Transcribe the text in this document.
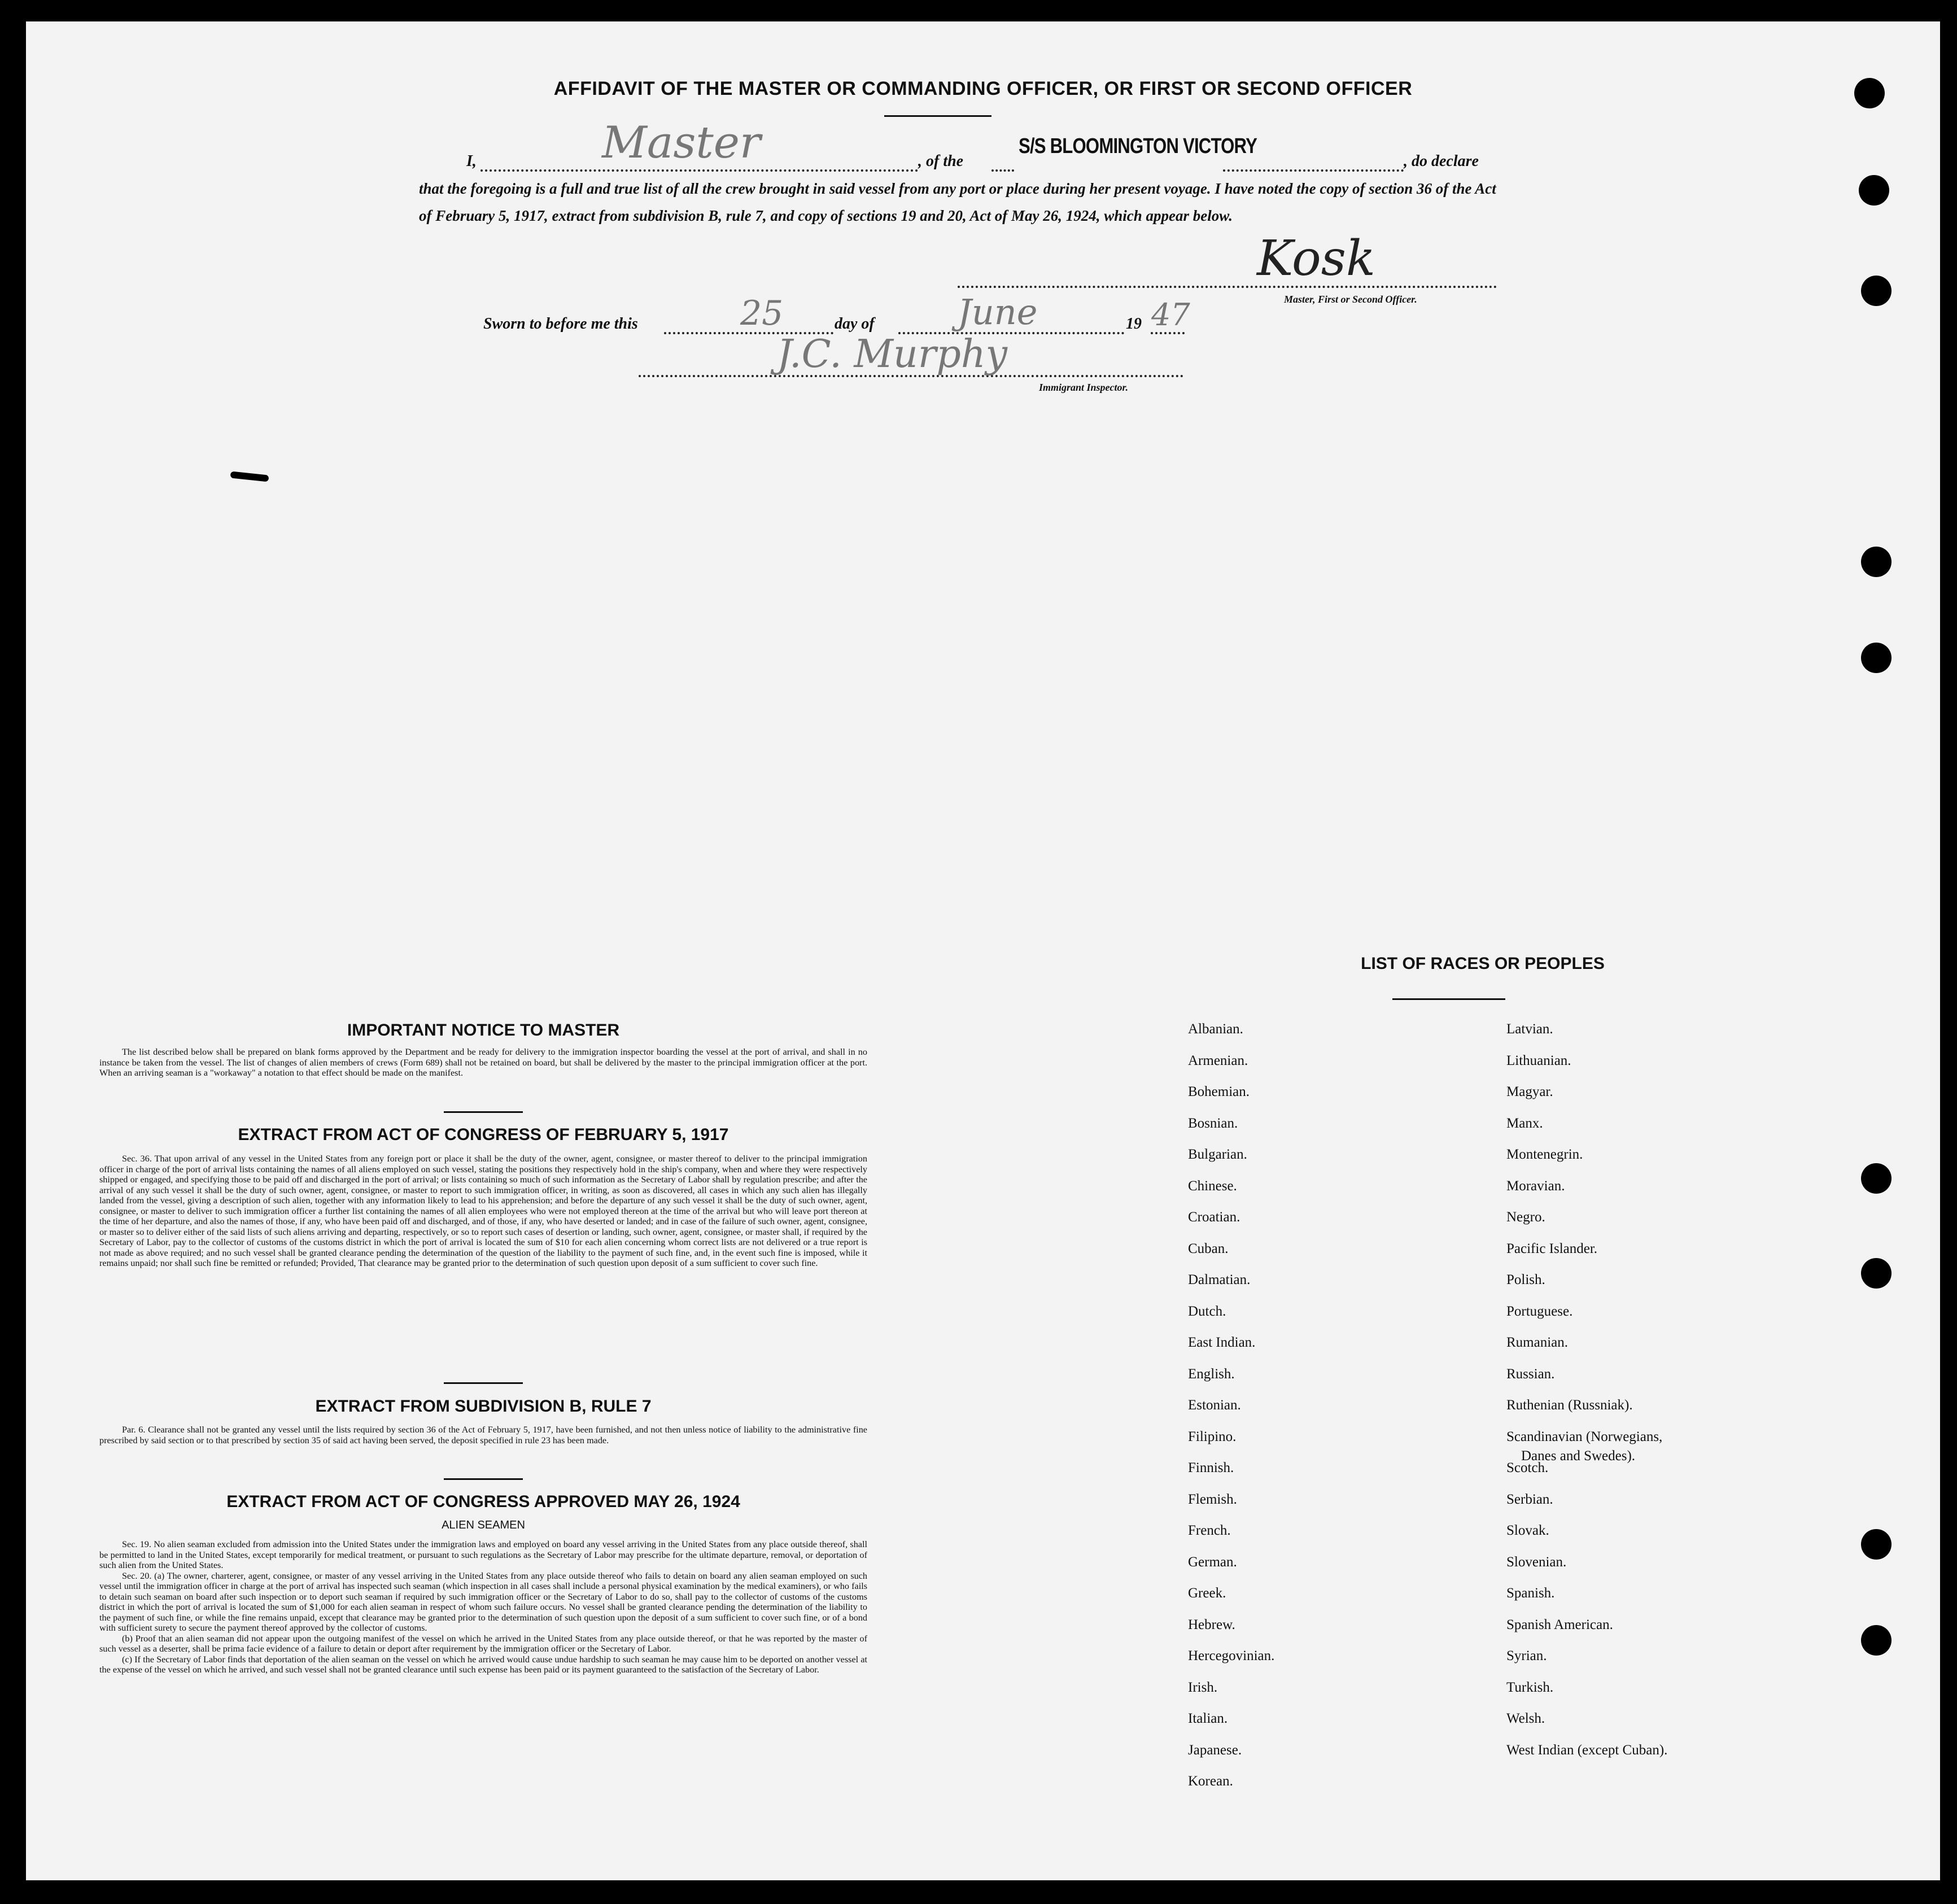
AFFIDAVIT OF THE MASTER OR COMMANDING OFFICER, OR FIRST OR SECOND OFFICER
I,	Master	, of the
S/S BLOOMINGTON VICTORY
, do declare
that the foregoing is a full and true list of all the crew brought in said vessel from any port or place during her present voyage. I have noted the copy of section 36 of the Act of February 5, 1917, extract from subdivision B, rule 7, and copy of sections 19 and 20, Act of May 26, 1924, which appear below.
Kosk
Master, First or Second Officer.
Sworn to before me this	25	day of June	19 47
J.C. Murphy
Immigrant Inspector.
IMPORTANT NOTICE TO MASTER
The list described below shall be prepared on blank forms approved by the Department and be ready for delivery to the immigration inspector boarding the vessel at the port of arrival, and shall in no instance be taken from the vessel. The list of changes of alien members of crews (Form 689) shall not be retained on board, but shall be delivered by the master to the principal immigration officer at the port. When an arriving seaman is a "workaway" a notation to that effect should be made on the manifest.
EXTRACT FROM ACT OF CONGRESS OF FEBRUARY 5, 1917
Sec. 36. That upon arrival of any vessel in the United States from any foreign port or place it shall be the duty of the owner, agent, consignee, or master thereof to deliver to the principal immigration officer in charge of the port of arrival lists containing the names of all aliens employed on such vessel, stating the positions they respectively hold in the ship's company, when and where they were respectively shipped or engaged, and specifying those to be paid off and discharged in the port of arrival; or lists containing so much of such information as the Secretary of Labor shall by regulation prescribe; and after the arrival of any such vessel it shall be the duty of such owner, agent, consignee, or master to report to such immigration officer, in writing, as soon as discovered, all cases in which any such alien has illegally landed from the vessel, giving a description of such alien, together with any information likely to lead to his apprehension; and before the departure of any such vessel it shall be the duty of such owner, agent, consignee, or master to deliver to such immigration officer a further list containing the names of all alien employees who were not employed thereon at the time of the arrival but who will leave port thereon at the time of her departure, and also the names of those, if any, who have been paid off and discharged, and of those, if any, who have deserted or landed; and in case of the failure of such owner, agent, consignee, or master so to deliver either of the said lists of such aliens arriving and departing, respectively, or so to report such cases of desertion or landing, such owner, agent, consignee, or master shall, if required by the Secretary of Labor, pay to the collector of customs of the customs district in which the port of arrival is located the sum of $10 for each alien concerning whom correct lists are not delivered or a true report is not made as above required; and no such vessel shall be granted clearance pending the determination of the question of the liability to the payment of such fine, and, in the event such fine is imposed, while it remains unpaid; nor shall such fine be remitted or refunded; Provided, That clearance may be granted prior to the determination of such question upon deposit of a sum sufficient to cover such fine.
EXTRACT FROM SUBDIVISION B, RULE 7
Par. 6. Clearance shall not be granted any vessel until the lists required by section 36 of the Act of February 5, 1917, have been furnished, and not then unless notice of liability to the administrative fine prescribed by said section or to that prescribed by section 35 of said act having been served, the deposit specified in rule 23 has been made.
EXTRACT FROM ACT OF CONGRESS APPROVED MAY 26, 1924
ALIEN SEAMEN

Sec. 19. No alien seaman excluded from admission into the United States under the immigration laws and employed on board any vessel arriving in the United States from any place outside thereof, shall be permitted to land in the United States, except temporarily for medical treatment, or pursuant to such regulations as the Secretary of Labor may prescribe for the ultimate departure, removal, or deportation of such alien from the United States.

Sec. 20. (a) The owner, charterer, agent, consignee, or master of any vessel arriving in the United States from any place outside thereof who fails to detain on board any alien seaman employed on such vessel until the immigration officer in charge at the port of arrival has inspected such seaman (which inspection in all cases shall include a personal physical examination by the medical examiners), or who fails to detain such seaman on board after such inspection or to deport such seaman if required by such immigration officer or the Secretary of Labor to do so, shall pay to the collector of customs of the customs district in which the port of arrival is located the sum of $1,000 for each alien seaman in respect of whom such failure occurs. No vessel shall be granted clearance pending the determination of the liability to the payment of such fine, or while the fine remains unpaid, except that clearance may be granted prior to the determination of such question upon the deposit of a sum sufficient to cover such fine, or of a bond with sufficient surety to secure the payment thereof approved by the collector of customs.

(b) Proof that an alien seaman did not appear upon the outgoing manifest of the vessel on which he arrived in the United States from any place outside thereof, or that he was reported by the master of such vessel as a deserter, shall be prima facie evidence of a failure to detain or deport after requirement by the immigration officer or the Secretary of Labor.

(c) If the Secretary of Labor finds that deportation of the alien seaman on the vessel on which he arrived would cause undue hardship to such seaman he may cause him to be deported on another vessel at the expense of the vessel on which he arrived, and such vessel shall not be granted clearance until such expense has been paid or its payment guaranteed to the satisfaction of the Secretary of Labor.

LIST OF RACES OR PEOPLES
Albanian.
Armenian.
Bohemian.
Bosnian.
Bulgarian.
Chinese.
Croatian.
Cuban.
Dalmatian.
Dutch.
East Indian.
English.
Estonian.
Filipino.
Finnish.
Flemish.
French.
German.
Greek.
Hebrew.
Hercegovinian.
Irish.
Italian.
Japanese.
Korean.
Latvian.
Lithuanian.
Magyar.
Manx.
Montenegrin.
Moravian.
Negro.
Pacific Islander.
Polish.
Portuguese.
Rumanian.
Russian.
Ruthenian (Russniak).
Scandinavian (Norwegians,
Danes and Swedes).
Scotch.
Serbian.
Slovak.
Slovenian.
Spanish.
Spanish American.
Syrian.
Turkish.
Welsh.
West Indian (except Cuban).
